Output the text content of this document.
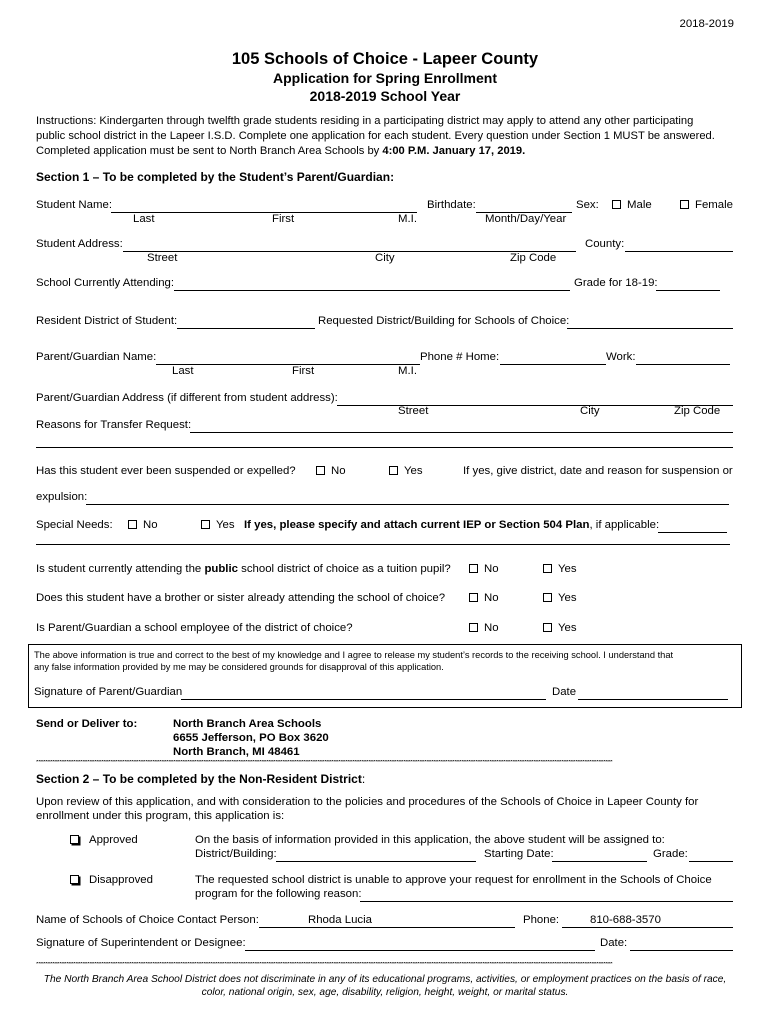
2018-2019
105 Schools of Choice - Lapeer County
Application for Spring Enrollment
2018-2019 School Year
Instructions: Kindergarten through twelfth grade students residing in a participating district may apply to attend any other participating
public school district in the Lapeer I.S.D. Complete one application for each student. Every question under Section 1 MUST be answered.
Completed application must be sent to North Branch Area Schools by 4:00 P.M. January 17, 2019.
Section 1 – To be completed by the Student’s Parent/Guardian:
Student Name:	Birthdate:	Sex:	Male	Female
Last	First	M.I.	Month/Day/Year
Student Address:	County:
Street	City	Zip Code
School Currently Attending:	Grade for 18-19:
Resident District of Student:	Requested District/Building for Schools of Choice:
Parent/Guardian Name:	Phone # Home:	Work:
Last	First	M.I.
Parent/Guardian Address (if different from student address):
Street	City	Zip Code
Reasons for Transfer Request:
Has this student ever been suspended or expelled?	No	Yes	If yes, give district, date and reason for suspension or
expulsion:
Special Needs:	No	Yes If yes, please specify and attach current IEP or Section 504 Plan, if applicable:
Is student currently attending the public school district of choice as a tuition pupil?	No	Yes
Does this student have a brother or sister already attending the school of choice?	No	Yes
Is Parent/Guardian a school employee of the district of choice?	No	Yes
The above information is true and correct to the best of my knowledge and I agree to release my student’s records to the receiving school. I understand that
any false information provided by me may be considered grounds for disapproval of this application.
Signature of Parent/Guardian	Date
Send or Deliver to:	North Branch Area Schools
6655 Jefferson, PO Box 3620
North Branch, MI 48461
********************************************************************************************************************************************************************************************************************************************************
Section 2 – To be completed by the Non-Resident District:
Upon review of this application, and with consideration to the policies and procedures of the Schools of Choice in Lapeer County for
enrollment under this program, this application is:
Approved	On the basis of information provided in this application, the above student will be assigned to:
District/Building:	Starting Date:	Grade:
Disapproved	The requested school district is unable to approve your request for enrollment in the Schools of Choice
program for the following reason:
Name of Schools of Choice Contact Person:	Rhoda Lucia	Phone:	810-688-3570
Signature of Superintendent or Designee:	Date:
********************************************************************************************************************************************************************************************************************************************************
The North Branch Area School District does not discriminate in any of its educational programs, activities, or employment practices on the basis of race,
color, national origin, sex, age, disability, religion, height, weight, or marital status.
